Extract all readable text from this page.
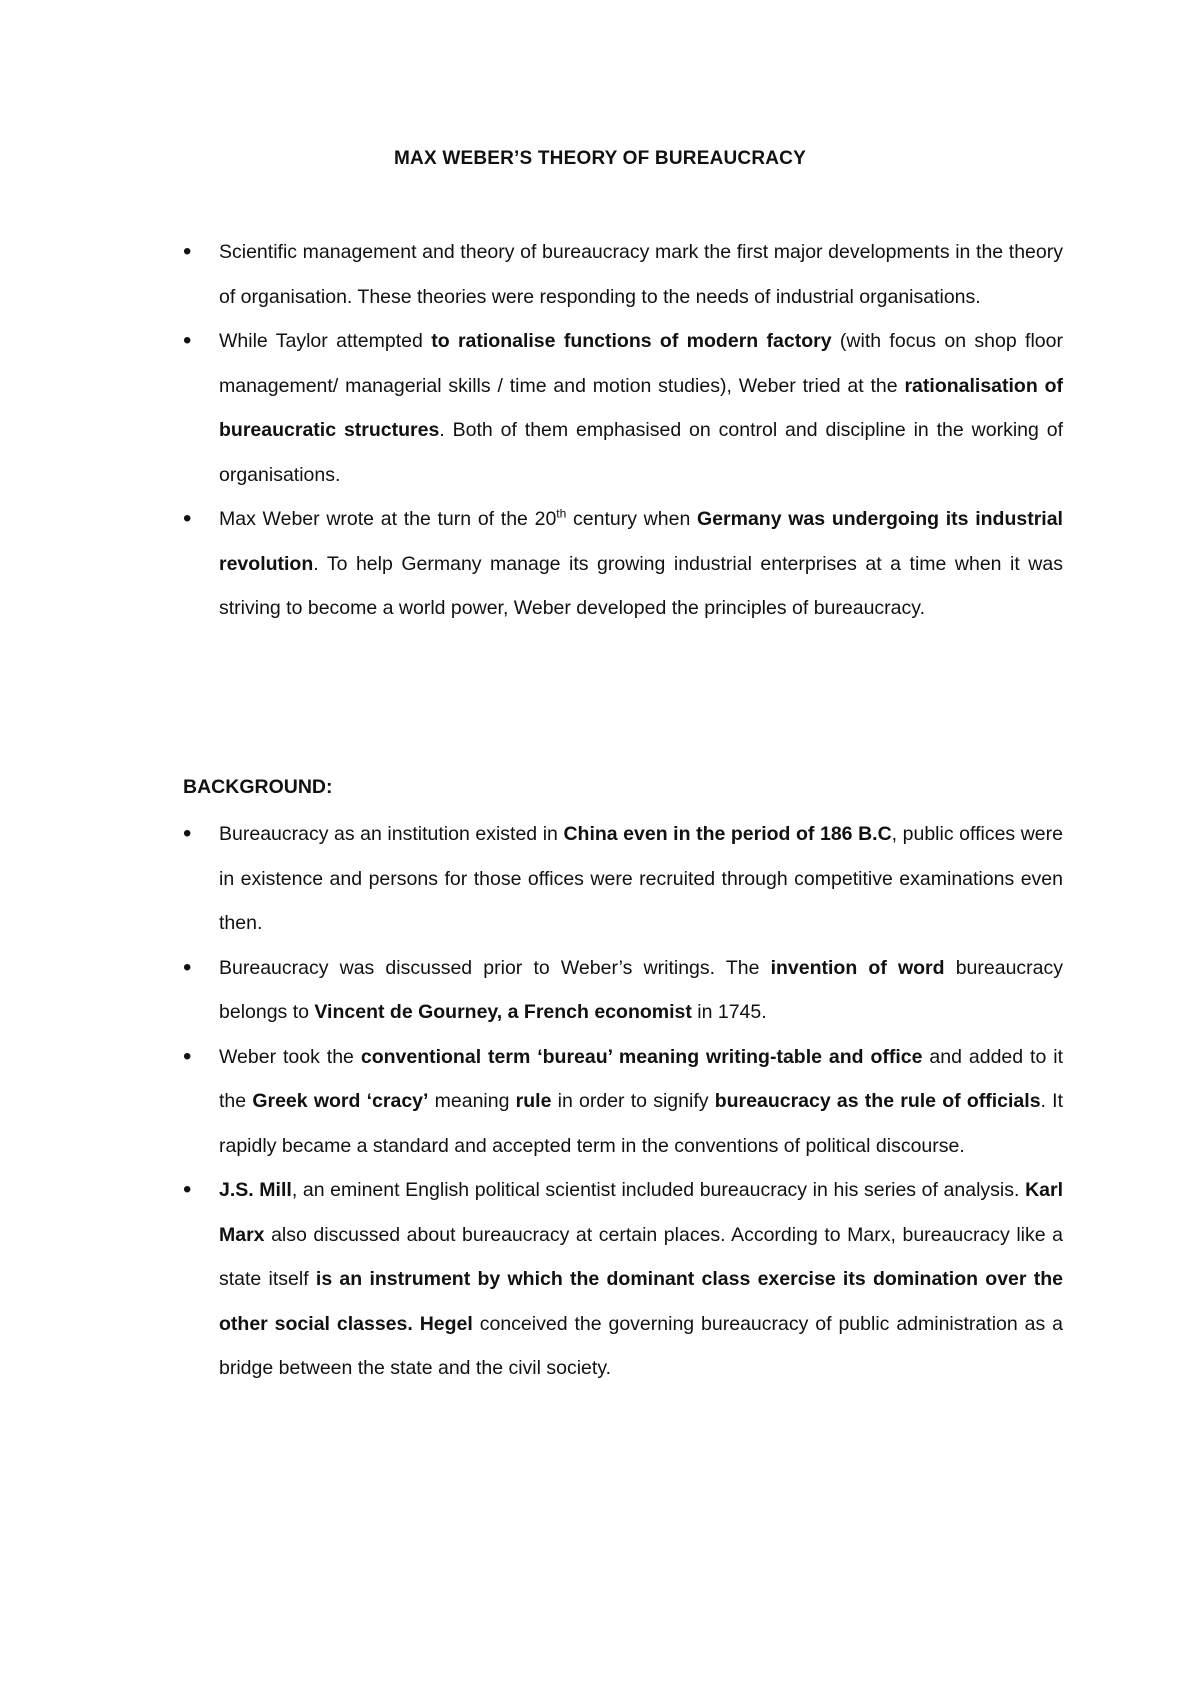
MAX WEBER’S THEORY OF BUREAUCRACY
• Scientific management and theory of bureaucracy mark the first major developments in the theory of organisation. These theories were responding to the needs of industrial organisations.
• While Taylor attempted to rationalise functions of modern factory (with focus on shop floor management/ managerial skills / time and motion studies), Weber tried at the rationalisation of bureaucratic structures. Both of them emphasised on control and discipline in the working of organisations.
• Max Weber wrote at the turn of the 20th century when Germany was undergoing its industrial revolution. To help Germany manage its growing industrial enterprises at a time when it was striving to become a world power, Weber developed the principles of bureaucracy.
BACKGROUND:
• Bureaucracy as an institution existed in China even in the period of 186 B.C, public offices were in existence and persons for those offices were recruited through competitive examinations even then.
• Bureaucracy was discussed prior to Weber’s writings. The invention of word bureaucracy belongs to Vincent de Gourney, a French economist in 1745.
• Weber took the conventional term ‘bureau’ meaning writing-table and office and added to it the Greek word ‘cracy’ meaning rule in order to signify bureaucracy as the rule of officials. It rapidly became a standard and accepted term in the conventions of political discourse.
• J.S. Mill, an eminent English political scientist included bureaucracy in his series of analysis. Karl Marx also discussed about bureaucracy at certain places. According to Marx, bureaucracy like a state itself is an instrument by which the dominant class exercise its domination over the other social classes. Hegel conceived the governing bureaucracy of public administration as a bridge between the state and the civil society.
